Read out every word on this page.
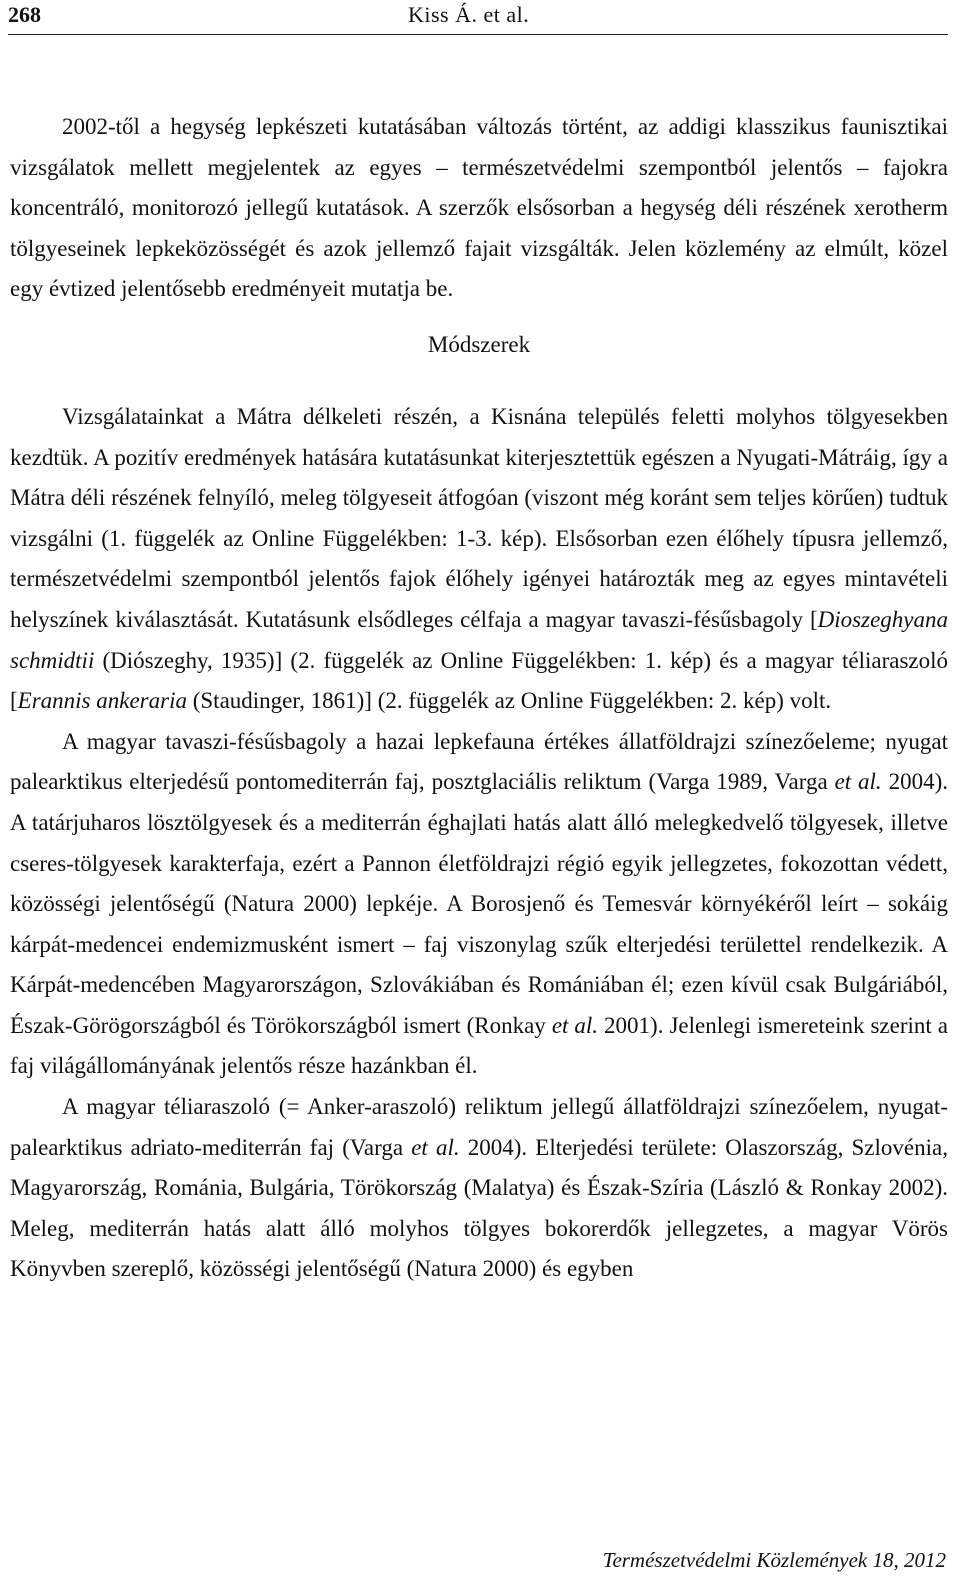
268	Kiss Á. et al.

2002-től a hegység lepkészeti kutatásában változás történt, az addigi klasszikus faunisztikai vizsgálatok mellett megjelentek az egyes – természetvédelmi szempontból jelentős – fajokra koncentráló, monitorozó jellegű kutatások. A szerzők elsősorban a hegység déli részének xerotherm tölgyeseinek lepkeközösségét és azok jellemző fajait vizsgálták. Jelen közlemény az elmúlt, közel egy évtized jelentősebb eredményeit mutatja be.

Módszerek

Vizsgálatainkat a Mátra délkeleti részén, a Kisnána település feletti molyhos tölgyesekben kezdtük. A pozitív eredmények hatására kutatásunkat kiterjesztettük egészen a Nyugati-Mátráig, így a Mátra déli részének felnyíló, meleg tölgyeseit átfogóan (viszont még koránt sem teljes körűen) tudtuk vizsgálni (1. függelék az Online Függelékben: 1-3. kép). Elsősorban ezen élőhely típusra jellemző, természetvédelmi szempontból jelentős fajok élőhely igényei határozták meg az egyes mintavételi helyszínek kiválasztását. Kutatásunk elsődleges célfaja a magyar tavaszi-fésűsbagoly [Dioszeghyana schmidtii (Diószeghy, 1935)] (2. függelék az Online Függelékben: 1. kép) és a magyar téliaraszoló [Erannis ankeraria (Staudinger, 1861)] (2. függelék az Online Függelékben: 2. kép) volt.

A magyar tavaszi-fésűsbagoly a hazai lepkefauna értékes állatföldrajzi színezőeleme; nyugat palearktikus elterjedésű pontomediterrán faj, posztglaciális reliktum (Varga 1989, Varga et al. 2004). A tatárjuharos lösztölgyesek és a mediterrán éghajlati hatás alatt álló melegkedvelő tölgyesek, illetve cseres-tölgyesek karakterfaja, ezért a Pannon életföldrajzi régió egyik jellegzetes, fokozottan védett, közösségi jelentőségű (Natura 2000) lepkéje. A Borosjenő és Temesvár környékéről leírt – sokáig kárpát-medencei endemizmusként ismert – faj viszonylag szűk elterjedési területtel rendelkezik. A Kárpát-medencében Magyarországon, Szlovákiában és Romániában él; ezen kívül csak Bulgáriából, Észak-Görögországból és Törökországból ismert (Ronkay et al. 2001). Jelenlegi ismereteink szerint a faj világállományának jelentős része hazánkban él.

A magyar téliaraszoló (= Anker-araszoló) reliktum jellegű állatföldrajzi színezőelem, nyugat-palearktikus adriato-mediterrán faj (Varga et al. 2004). Elterjedési területe: Olaszország, Szlovénia, Magyarország, Románia, Bulgária, Törökország (Malatya) és Észak-Szíria (László & Ronkay 2002). Meleg, mediterrán hatás alatt álló molyhos tölgyes bokorerdők jellegzetes, a magyar Vörös Könyvben szereplő, közösségi jelentőségű (Natura 2000) és egyben

Természetvédelmi Közlemények 18, 2012
